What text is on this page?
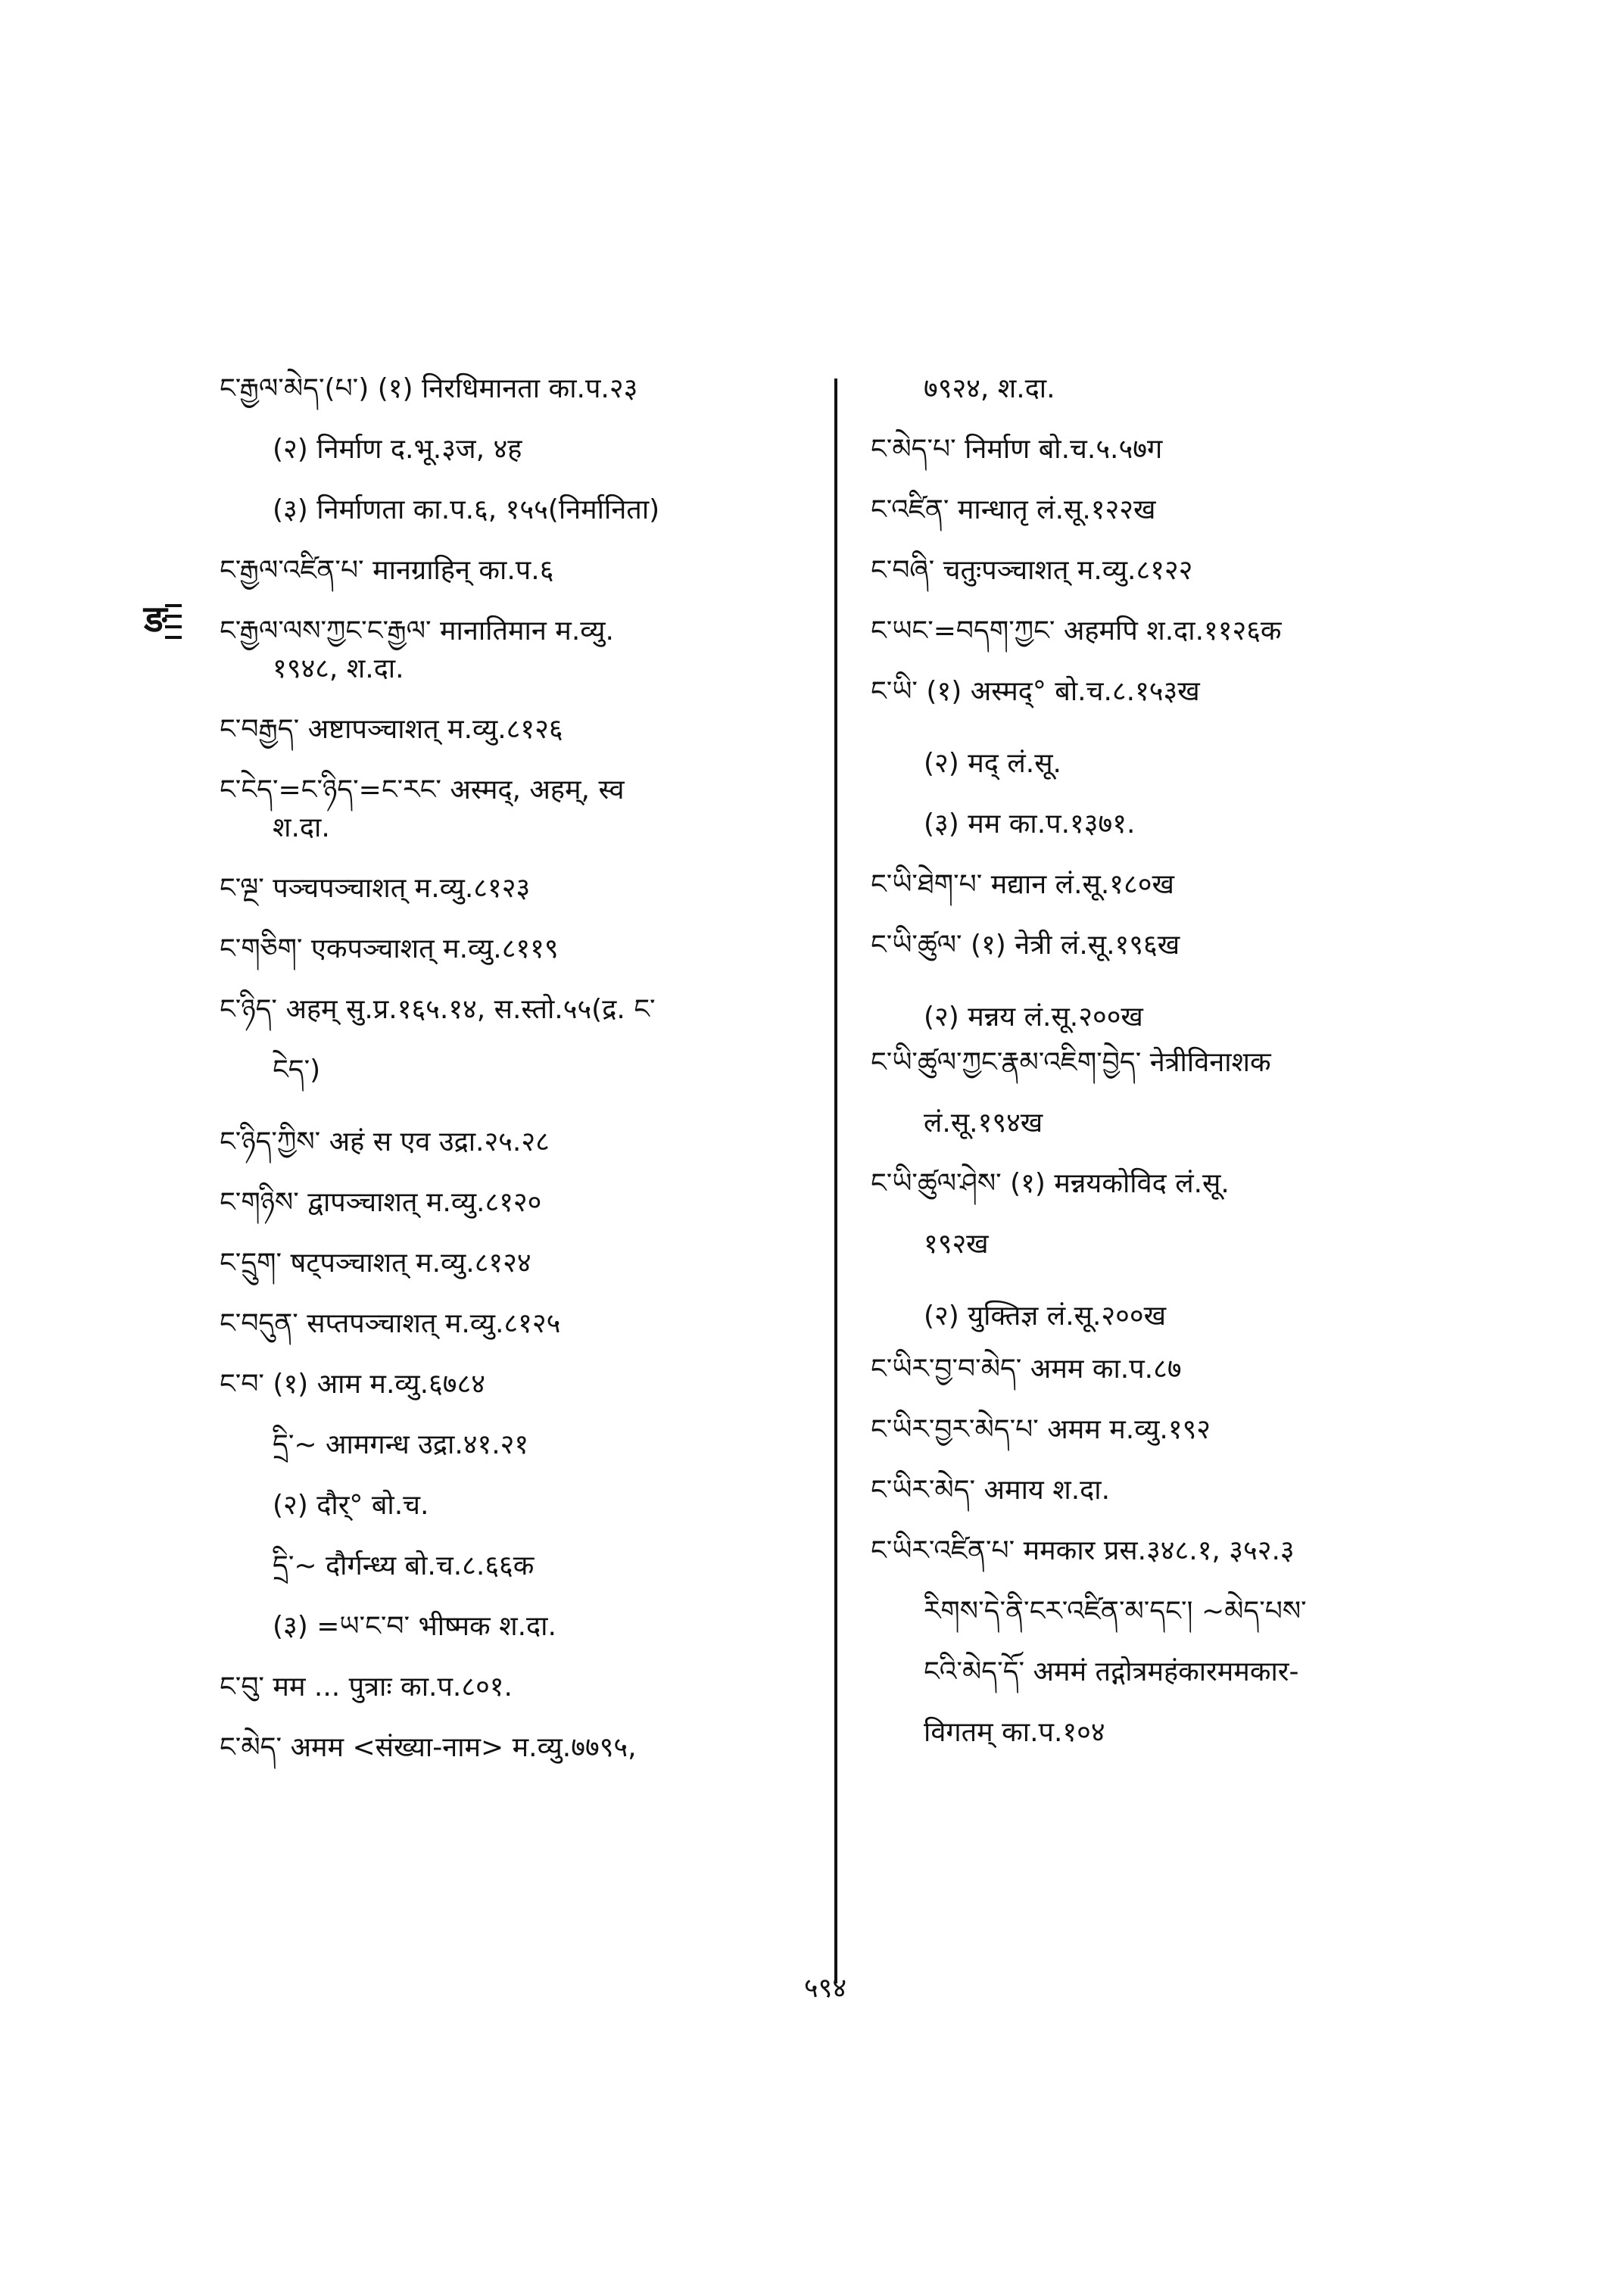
ङ
ང་རྒྱལ་མེད་(པ་) (१) निरधिमानता का.प.२३
(२) निर्माण द.भू.३ज, ४ह
(३) निर्माणता का.प.६, १५५(निर्मानिता)
ང་རྒྱལ་འཛིན་པ་ मानग्राहिन् का.प.६
ང་རྒྱལ་ལས་ཀྱང་ང་རྒྱལ་ मानातिमान म.व्यु.
१९४८, श.दा.
ང་བརྒྱད་ अष्टापञ्चाशत् म.व्यु.८१२६
ང་ངེད་=ང་ཉིད་=ང་རང་ अस्मद्, अहम्, स्व
श.दा.
ང་ལྔ་ पञ्चपञ्चाशत् म.व्यु.८१२३
ང་གཅིག་ एकपञ्चाशत् म.व्यु.८११९
ང་ཉིད་ अहम् सु.प्र.१६५.१४, स.स्तो.५५(द्र. ང་
ངེད་)
ང་ཉིད་ཀྱིས་ अहं स एव उद्रा.२५.२८
ང་གཉིས་ द्वापञ्चाशत् म.व्यु.८१२०
ང་དྲུག་ षट्पञ्चाशत् म.व्यु.८१२४
ང་བདུན་ सप्तपञ्चाशत् म.व्यु.८१२५
ང་བ་ (१) आम म.व्यु.६७८४
དྲི་~ आमगन्ध उद्रा.४१.२१
(२) दौर्° बो.च.
དྲི་~ दौर्गन्ध्य बो.च.८.६६क
(३) =ཡ་ང་བ་ भीष्मक श.दा.
ང་བུ་ मम ... पुत्राः का.प.८०१.
ང་མེད་ अमम <संख्या-नाम> म.व्यु.७७९५,
७९२४, श.दा.
ང་མེད་པ་ निर्माण बो.च.५.५७ग
ང་འཛིན་ मान्धातृ लं.सू.१२२ख
ང་བཞི་ चतुःपञ्चाशत् म.व्यु.८१२२
ང་ཡང་=བདག་ཀྱང་ अहमपि श.दा.११२६क
ང་ཡི་ (१) अस्मद्° बो.च.८.१५३ख
(२) मद् लं.सू.
(३) मम का.प.१३७१.
ང་ཡི་ཐེག་པ་ मद्यान लं.सू.१८०ख
ང་ཡི་ཚུལ་ (१) नेत्री लं.सू.१९६ख
(२) मन्नय लं.सू.२००ख
ང་ཡི་ཚུལ་ཀྱང་རྣམ་འཇིག་བྱེད་ नेत्रीविनाशक
लं.सू.१९४ख
ང་ཡི་ཚུལ་ཤེས་ (१) मन्नयकोविद लं.सू.
१९२ख
(२) युक्तिज्ञ लं.सू.२००ख
ང་ཡིར་བྱ་བ་མེད་ अमम का.प.८७
ང་ཡིར་བྱར་མེད་པ་ अमम म.व्यु.१९२
ང་ཡིར་མེད་ अमाय श.दा.
ང་ཡིར་འཛིན་པ་ ममकार प्रस.३४८.१, ३५२.३
རིགས་དེ་ནི་ངར་འཛིན་མ་དང་། ~མེད་པས་
ངའི་མེད་དོ་ अममं तद्गोत्रमहंकारममकार-
विगतम् का.प.१०४
५९४
